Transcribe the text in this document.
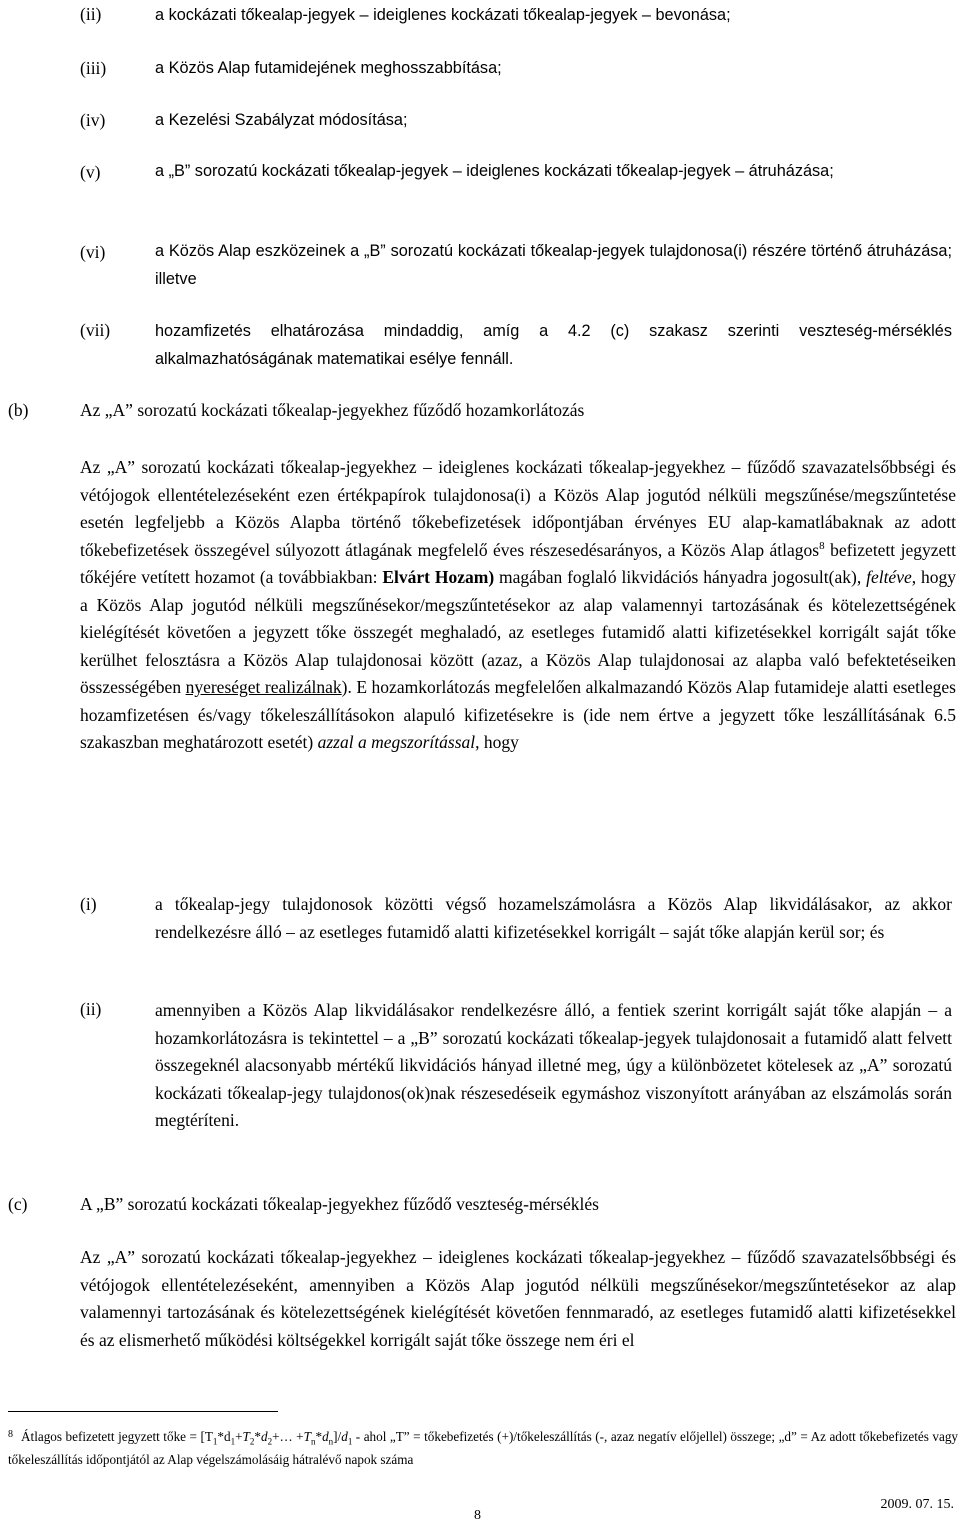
(ii)	a kockázati tőkealap-jegyek – ideiglenes kockázati tőkealap-jegyek – bevonása;
(iii)	a Közös Alap futamidejének meghosszabbítása;
(iv)	a Kezelési Szabályzat módosítása;
(v)	a „B” sorozatú kockázati tőkealap-jegyek – ideiglenes kockázati tőkealap-jegyek – átruházása;
(vi)	a Közös Alap eszközeinek a „B” sorozatú kockázati tőkealap-jegyek tulajdonosa(i) részére történő átruházása; illetve
(vii)	hozamfizetés elhatározása mindaddig, amíg a 4.2 (c) szakasz szerinti veszteség-mérséklés alkalmazhatóságának matematikai esélye fennáll.
(b)	Az „A” sorozatú kockázati tőkealap-jegyekhez fűződő hozamkorlátozás
Az „A” sorozatú kockázati tőkealap-jegyekhez – ideiglenes kockázati tőkealap-jegyekhez – fűződő szavazatelsőbbségi és vétójogok ellentételezéseként ezen értékpapírok tulajdonosa(i) a Közös Alap jogutód nélküli megszűnése/megszűntetése esetén legfeljebb a Közös Alapba történő tőkebefizetések időpontjában érvényes EU alap-kamatlábaknak az adott tőkebefizetések összegével súlyozott átlagának megfelelő éves részesedésarányos, a Közös Alap átlagos$^8$ befizetett jegyzett tőkéjére vetített hozamot (a továbbiakban: Elvárt Hozam) magában foglaló likvidációs hányadra jogosult(ak), feltéve, hogy a Közös Alap jogutód nélküli megszűnésekor/megszűntetésekor az alap valamennyi tartozásának és kötelezettségének kielégítését követően a jegyzett tőke összegét meghaladó, az esetleges futamidő alatti kifizetésekkel korrigált saját tőke kerülhet felosztásra a Közös Alap tulajdonosai között (azaz, a Közös Alap tulajdonosai az alapba való befektetéseiken összességében nyereséget realizálnak). E hozamkorlátozás megfelelően alkalmazandó Közös Alap futamideje alatti esetleges hozamfizetésen és/vagy tőkeleszállításokon alapuló kifizetésekre is (ide nem értve a jegyzett tőke leszállításának 6.5 szakaszban meghatározott esetét) azzal a megszorítással, hogy
(i)	a tőkealap-jegy tulajdonosok közötti végső hozamelszámolásra a Közös Alap likvidálásakor, az akkor rendelkezésre álló – az esetleges futamidő alatti kifizetésekkel korrigált – saját tőke alapján kerül sor; és
(ii)	amennyiben a Közös Alap likvidálásakor rendelkezésre álló, a fentiek szerint korrigált saját tőke alapján – a hozamkorlátozásra is tekintettel – a „B” sorozatú kockázati tőkealap-jegyek tulajdonosait a futamidő alatt felvett összegeknél alacsonyabb mértékű likvidációs hányad illetné meg, úgy a különbözetet kötelesek az „A” sorozatú kockázati tőkealap-jegy tulajdonos(ok)nak részesedéseik egymáshoz viszonyított arányában az elszámolás során megtéríteni.
(c)	A „B” sorozatú kockázati tőkealap-jegyekhez fűződő veszteség-mérséklés
Az „A” sorozatú kockázati tőkealap-jegyekhez – ideiglenes kockázati tőkealap-jegyekhez – fűződő szavazatelsőbbségi és vétójogok ellentételezéseként, amennyiben a Közös Alap jogutód nélküli megszűnésekor/megszűntetésekor az alap valamennyi tartozásának és kötelezettségének kielégítését követően fennmaradó, az esetleges futamidő alatti kifizetésekkel és az elismerhető működési költségekkel korrigált saját tőke összege nem éri el
$^8$ Átlagos befizetett jegyzett tőke = $[T_1*d_1+T_2*d_2+\dots +T_n*d_n]/d_1$ - ahol „T” = tőkebefizetés (+)/tőkeleszállítás (-, azaz negatív előjellel) összege; „d” = Az adott tőkebefizetés vagy tőkeleszállítás időpontjától az Alap végelszámolásáig hátralévő napok száma
2009. 07. 15.
8
